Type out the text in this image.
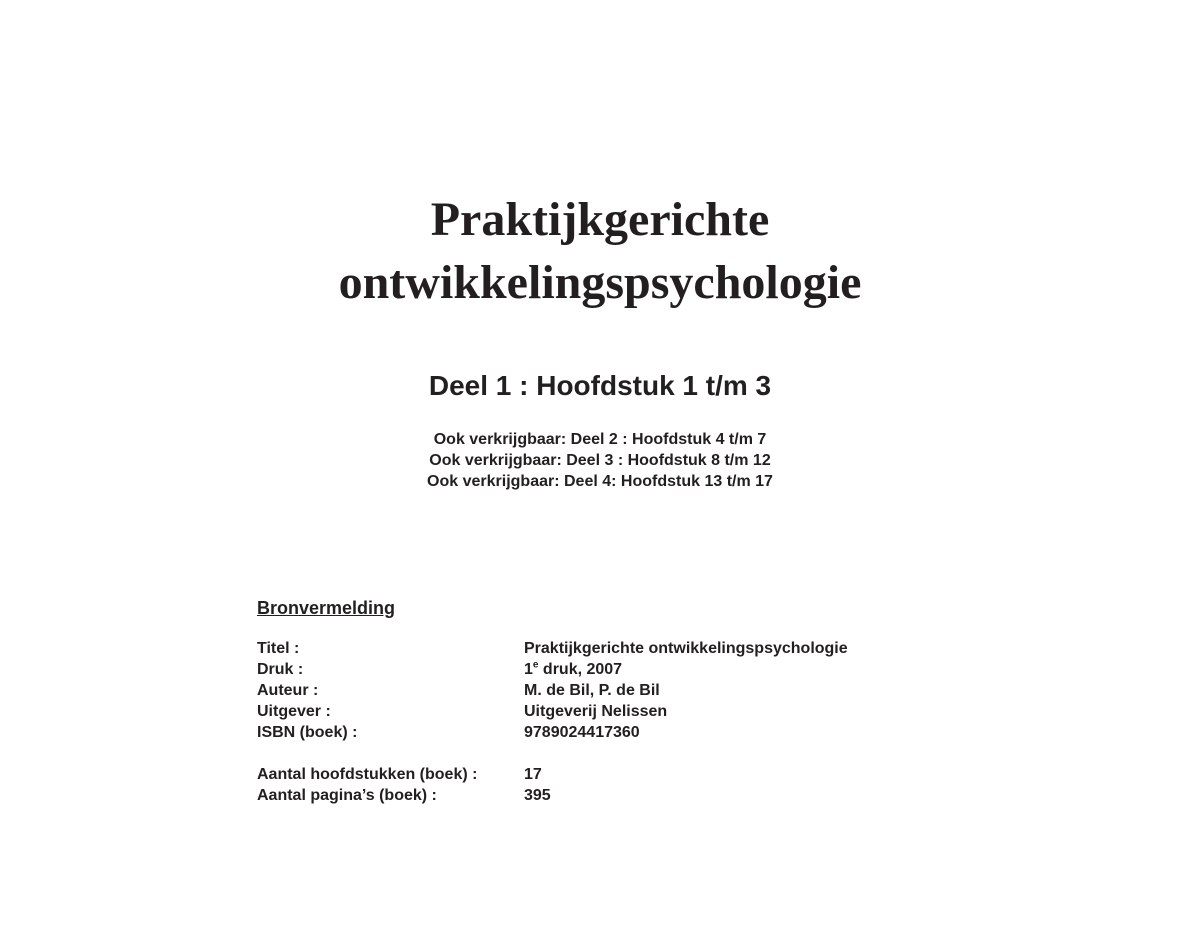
Praktijkgerichte
ontwikkelingspsychologie
Deel 1 : Hoofdstuk 1 t/m 3
Ook verkrijgbaar: Deel 2 : Hoofdstuk 4 t/m 7
Ook verkrijgbaar: Deel 3 : Hoofdstuk 8 t/m 12
Ook verkrijgbaar: Deel 4: Hoofdstuk 13 t/m 17
Bronvermelding
Titel :	Praktijkgerichte ontwikkelingspsychologie
Druk :	1e druk, 2007
Auteur :	M. de Bil, P. de Bil
Uitgever :	Uitgeverij Nelissen
ISBN (boek) :	9789024417360
Aantal hoofdstukken (boek) :	17
Aantal pagina’s (boek) :	395
